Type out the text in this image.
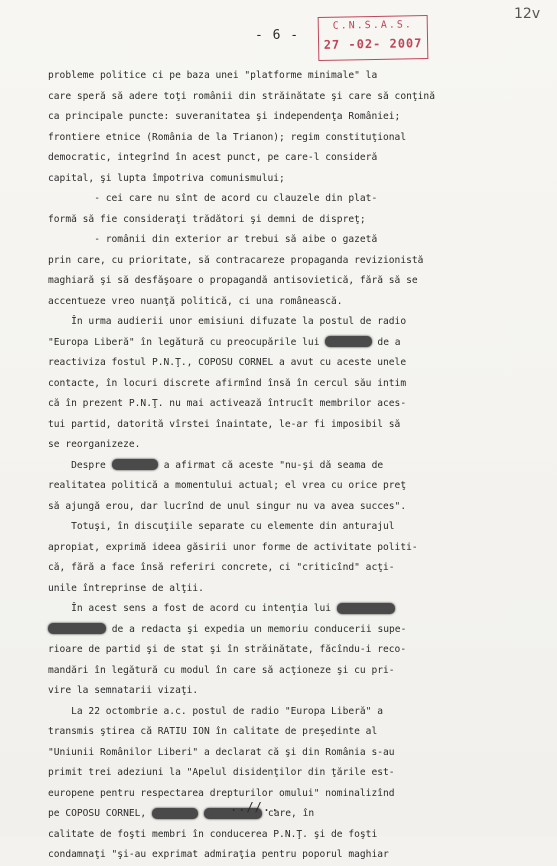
12v
- 6 -
C.N.S.A.S.
27 -02- 2007
probleme politice ci pe baza unei "platforme minimale" la
care speră să adere toţi românii din străinătate şi care să conţină
ca principale puncte: suveranitatea şi independenţa României;
frontiere etnice (România de la Trianon); regim constituţional
democratic, integrînd în acest punct, pe care-l consideră
capital, şi lupta împotriva comunismului;
- cei care nu sînt de acord cu clauzele din plat-
formă să fie consideraţi trădători şi demni de dispreţ;
- românii din exterior ar trebui să aibe o gazetă
prin care, cu prioritate, să contracareze propaganda revizionistă
maghiară şi să desfăşoare o propagandă antisovietică, fără să se
accentueze vreo nuanţă politică, ci una românească.
În urma audierii unor emisiuni difuzate la postul de radio
"Europa Liberă" în legătură cu preocupările lui	de a
reactiviza fostul P.N.Ţ., COPOSU CORNEL a avut cu aceste unele
contacte, în locuri discrete afirmînd însă în cercul său intim
că în prezent P.N.Ţ. nu mai activează întrucît membrilor aces-
tui partid, datorită vîrstei înaintate, le-ar fi imposibil să
se reorganizeze.
Despre	a afirmat că aceste "nu-şi dă seama de
realitatea politică a momentului actual; el vrea cu orice preţ
să ajungă erou, dar lucrînd de unul singur nu va avea succes".
Totuşi, în discuţiile separate cu elemente din anturajul
apropiat, exprimă ideea găsirii unor forme de activitate politi-
că, fără a face însă referiri concrete, ci "criticînd" acţi-
unile întreprinse de alţii.
În acest sens a fost de acord cu intenţia lui
de a redacta şi expedia un memoriu conducerii supe-
rioare de partid şi de stat şi în străinătate, făcîndu-i reco-
mandări în legătură cu modul în care să acţioneze şi cu pri-
vire la semnatarii vizaţi.
La 22 octombrie a.c. postul de radio "Europa Liberă" a
transmis ştirea că RATIU ION în calitate de preşedinte al
"Uniunii Românilor Liberi" a declarat că şi din România s-au
primit trei adeziuni la "Apelul disidenţilor din ţările est-
europene pentru respectarea drepturilor omului" nominalizînd
pe COPOSU CORNEL,	care, în
calitate de foşti membri în conducerea P.N.Ţ. şi de foşti
condamnaţi "şi-au exprimat admiraţia pentru poporul maghiar
..//..
